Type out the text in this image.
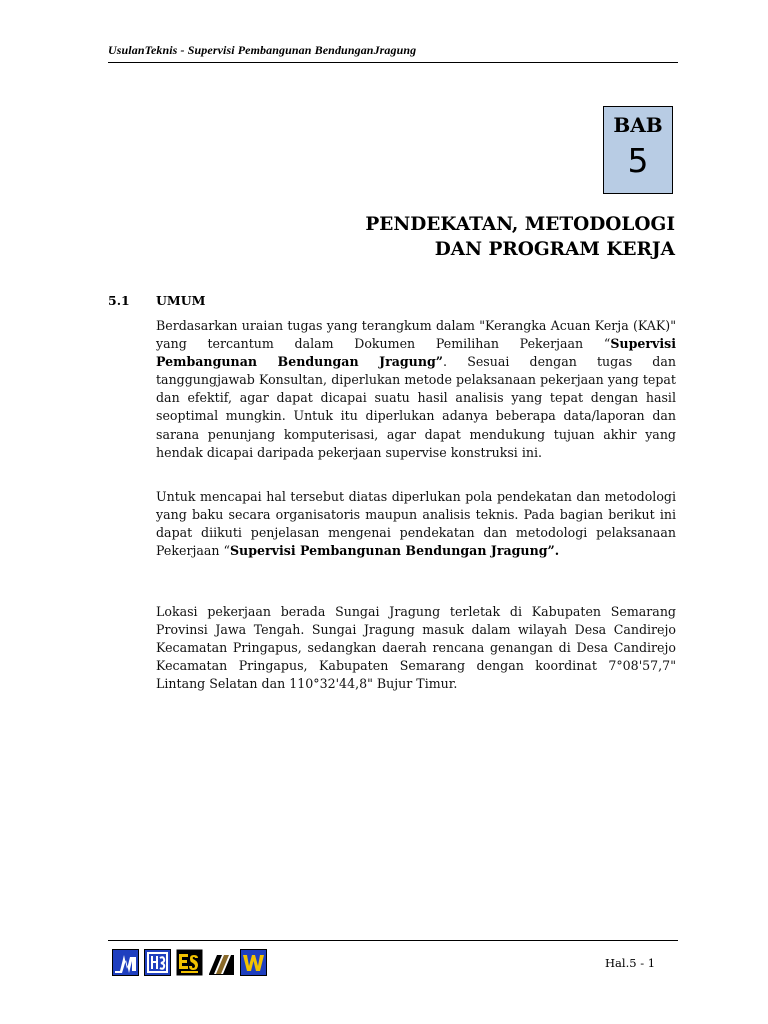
UsulanTeknis - Supervisi Pembangunan BendunganJragung
BAB
5
PENDEKATAN, METODOLOGI
DAN PROGRAM KERJA
5.1 UMUM

Berdasarkan uraian tugas yang terangkum dalam "Kerangka Acuan Kerja (KAK)" yang tercantum dalam Dokumen Pemilihan Pekerjaan “Supervisi Pembangunan Bendungan Jragung”. Sesuai dengan tugas dan tanggungjawab Konsultan, diperlukan metode pelaksanaan pekerjaan yang tepat dan efektif, agar dapat dicapai suatu hasil analisis yang tepat dengan hasil seoptimal mungkin. Untuk itu diperlukan adanya beberapa data/laporan dan sarana penunjang komputerisasi, agar dapat mendukung tujuan akhir yang hendak dicapai daripada pekerjaan supervise konstruksi ini.

Untuk mencapai hal tersebut diatas diperlukan pola pendekatan dan metodologi yang baku secara organisatoris maupun analisis teknis. Pada bagian berikut ini dapat diikuti penjelasan mengenai pendekatan dan metodologi pelaksanaan Pekerjaan “Supervisi Pembangunan Bendungan Jragung”.

Lokasi pekerjaan berada Sungai Jragung terletak di Kabupaten Semarang Provinsi Jawa Tengah. Sungai Jragung masuk dalam wilayah Desa Candirejo Kecamatan Pringapus, sedangkan daerah rencana genangan di Desa Candirejo Kecamatan Pringapus, Kabupaten Semarang dengan koordinat 7°08'57,7" Lintang Selatan dan 110°32'44,8" Bujur Timur.

Hal.5 - 1
